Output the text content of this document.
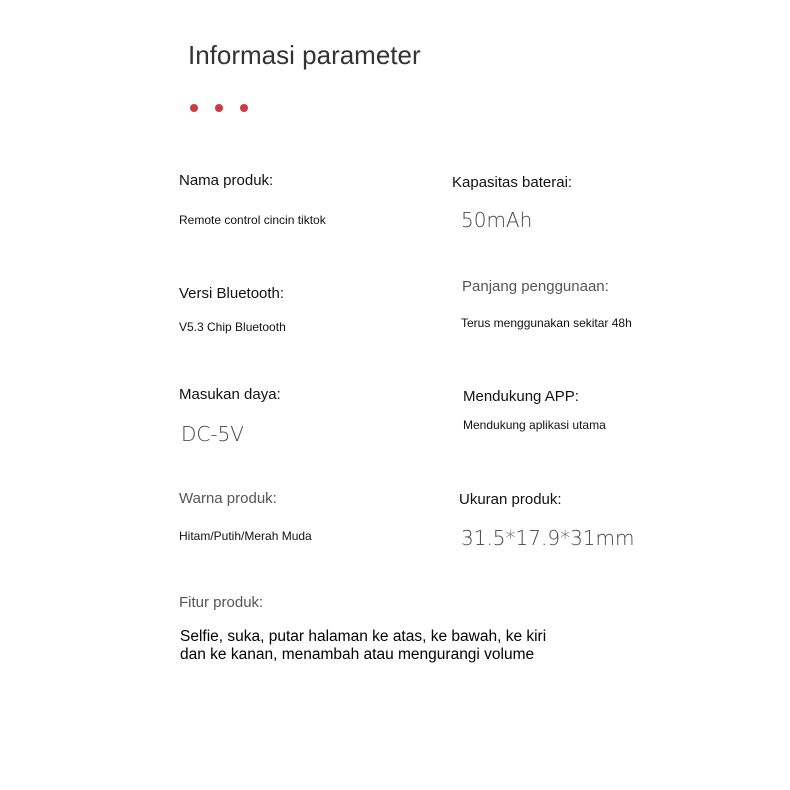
Informasi parameter
Nama produk:
Remote control cincin tiktok
Kapasitas baterai:
50mAh
Versi Bluetooth:
V5.3 Chip Bluetooth
Panjang penggunaan:
Terus menggunakan sekitar 48h
Masukan daya:
DC-5V
Mendukung APP:
Mendukung aplikasi utama
Warna produk:
Hitam/Putih/Merah Muda
Ukuran produk:
31.5*17.9*31mm
Fitur produk:
Selfie, suka, putar halaman ke atas, ke bawah, ke kiri
dan ke kanan, menambah atau mengurangi volume
